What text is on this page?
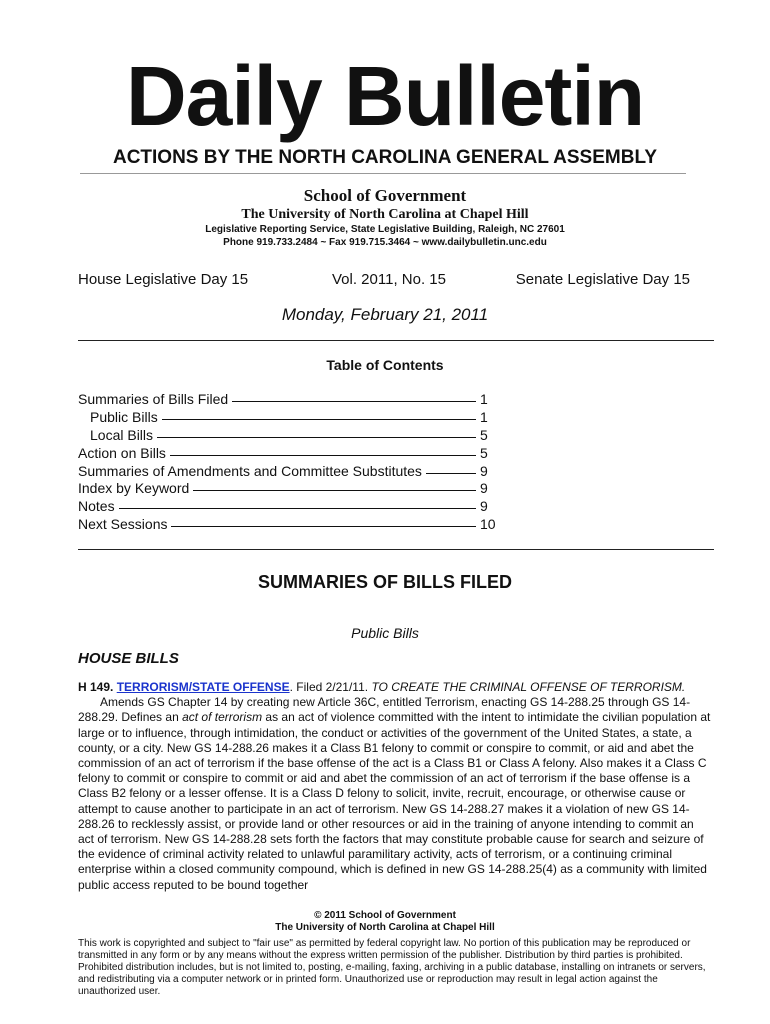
Daily Bulletin
ACTIONS BY THE NORTH CAROLINA GENERAL ASSEMBLY
School of Government
The University of North Carolina at Chapel Hill
Legislative Reporting Service, State Legislative Building, Raleigh, NC 27601
Phone 919.733.2484 ~ Fax 919.715.3464 ~ www.dailybulletin.unc.edu
House Legislative Day 15	Vol. 2011, No. 15	Senate Legislative Day 15
Monday, February 21, 2011
Table of Contents
Summaries of Bills Filed	1
Public Bills	1
Local Bills	5
Action on Bills	5
Summaries of Amendments and Committee Substitutes	9
Index by Keyword	9
Notes	9
Next Sessions	10
SUMMARIES OF BILLS FILED
Public Bills
HOUSE BILLS

H 149. TERRORISM/STATE OFFENSE. Filed 2/21/11. TO CREATE THE CRIMINAL OFFENSE OF TERRORISM.

Amends GS Chapter 14 by creating new Article 36C, entitled Terrorism, enacting GS 14-288.25 through GS 14-288.29. Defines an act of terrorism as an act of violence committed with the intent to intimidate the civilian population at large or to influence, through intimidation, the conduct or activities of the government of the United States, a state, a county, or a city. New GS 14-288.26 makes it a Class B1 felony to commit or conspire to commit, or aid and abet the commission of an act of terrorism if the base offense of the act is a Class B1 or Class A felony. Also makes it a Class C felony to commit or conspire to commit or aid and abet the commission of an act of terrorism if the base offense is a Class B2 felony or a lesser offense. It is a Class D felony to solicit, invite, recruit, encourage, or otherwise cause or attempt to cause another to participate in an act of terrorism. New GS 14-288.27 makes it a violation of new GS 14-288.26 to recklessly assist, or provide land or other resources or aid in the training of anyone intending to commit an act of terrorism. New GS 14-288.28 sets forth the factors that may constitute probable cause for search and seizure of the evidence of criminal activity related to unlawful paramilitary activity, acts of terrorism, or a continuing criminal enterprise within a closed community compound, which is defined in new GS 14-288.25(4) as a community with limited public access reputed to be bound together

© 2011 School of Government
The University of North Carolina at Chapel Hill
This work is copyrighted and subject to "fair use" as permitted by federal copyright law. No portion of this publication may be reproduced or transmitted in any form or by any means without the express written permission of the publisher. Distribution by third parties is prohibited. Prohibited distribution includes, but is not limited to, posting, e-mailing, faxing, archiving in a public database, installing on intranets or servers, and redistributing via a computer network or in printed form. Unauthorized use or reproduction may result in legal action against the unauthorized user.
